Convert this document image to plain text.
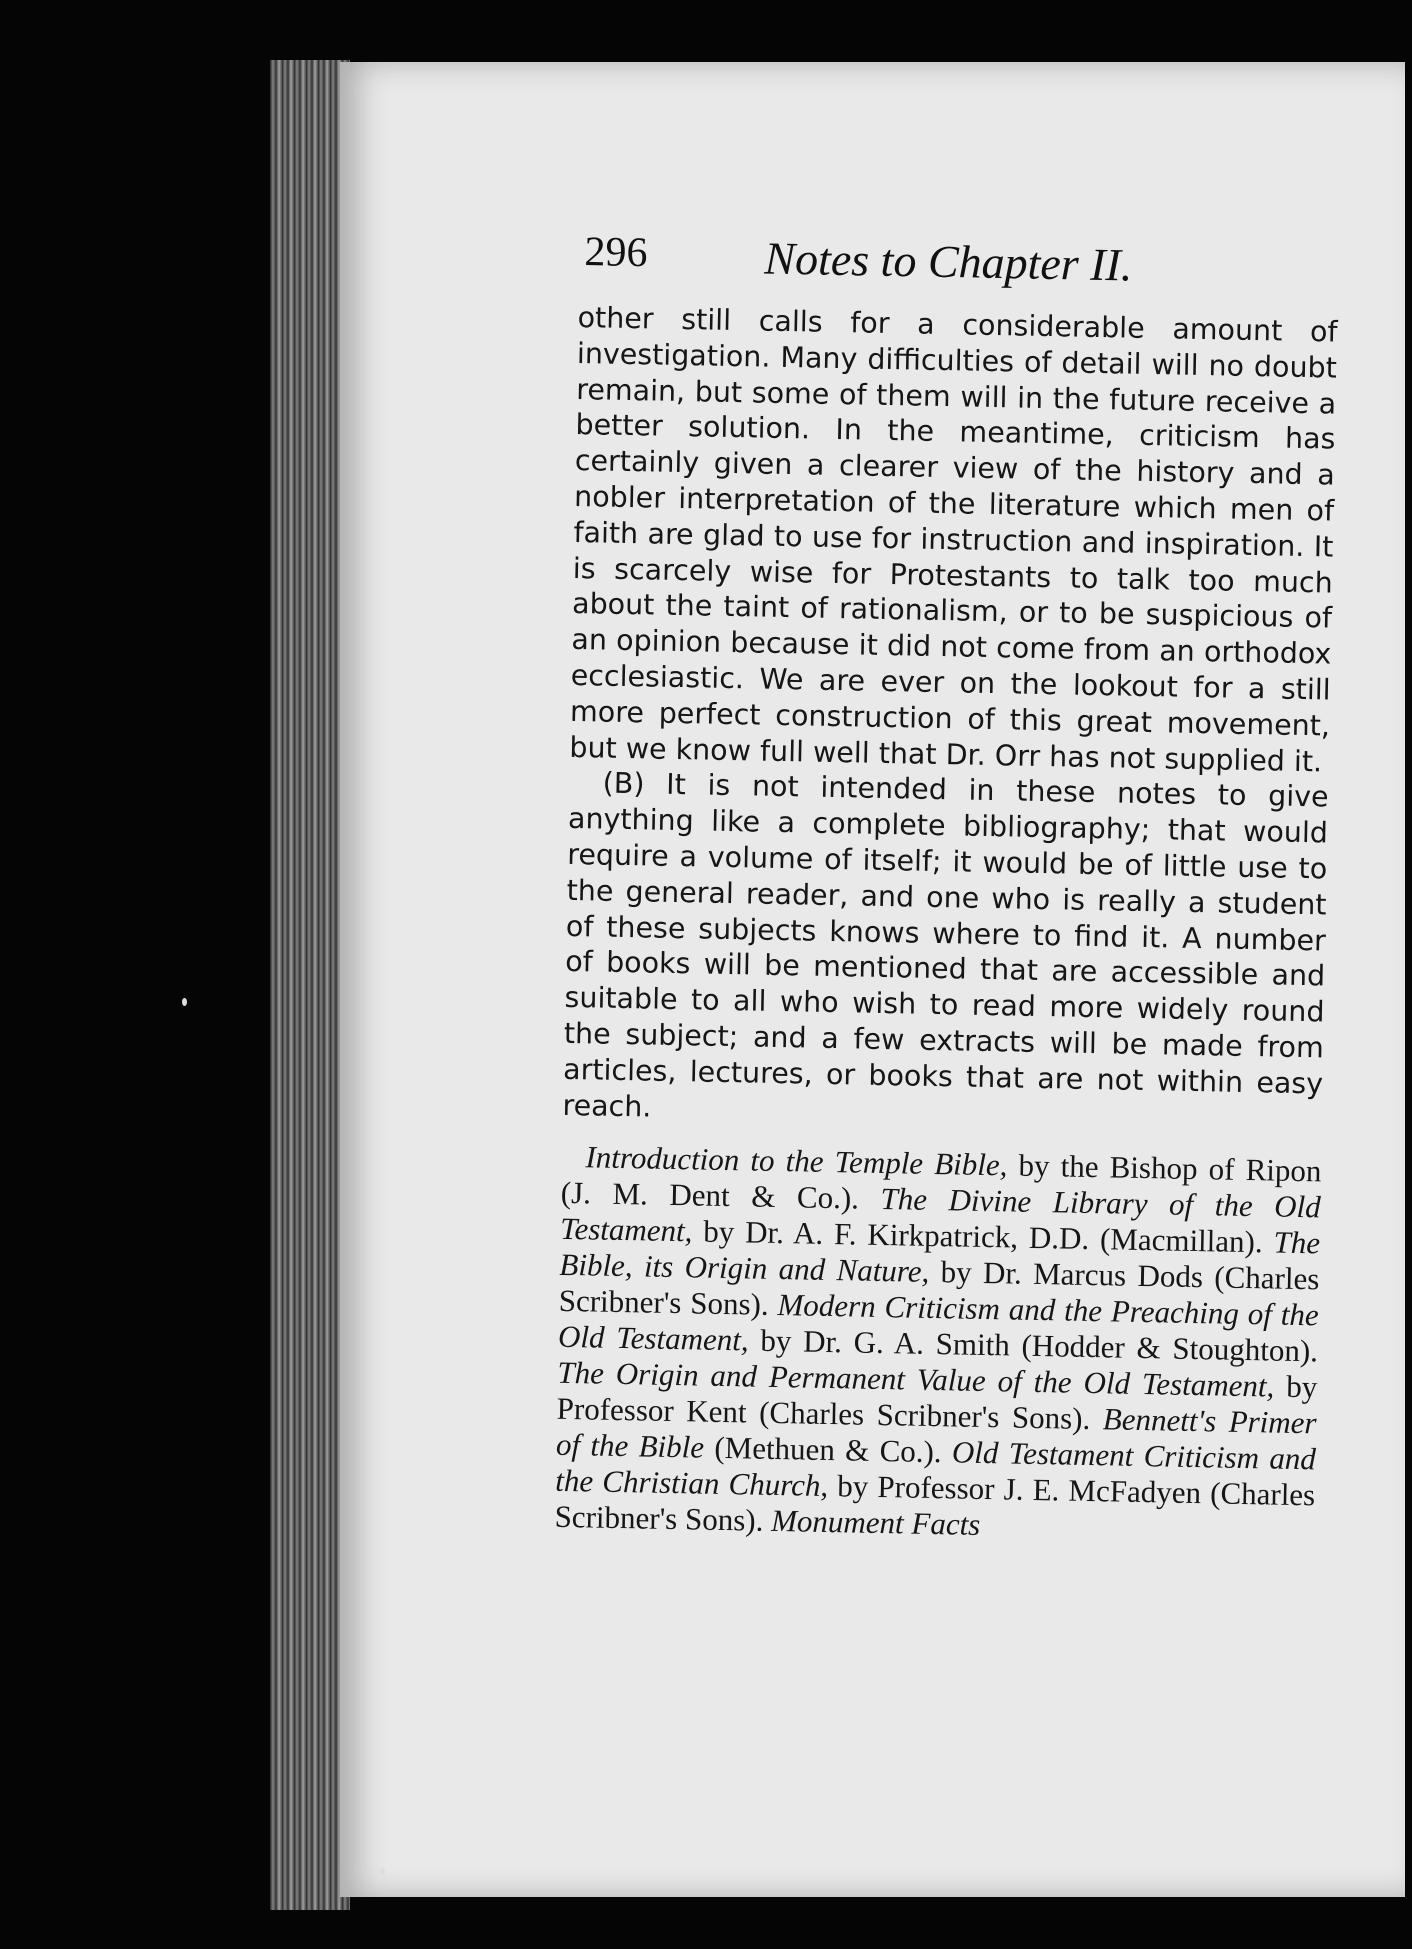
296	Notes to Chapter II.

other still calls for a considerable amount of investigation. Many difficulties of detail will no doubt remain, but some of them will in the future receive a better solution. In the meantime, criticism has certainly given a clearer view of the history and a nobler interpretation of the literature which men of faith are glad to use for instruction and inspiration. It is scarcely wise for Protestants to talk too much about the taint of rationalism, or to be suspicious of an opinion because it did not come from an orthodox ecclesiastic. We are ever on the lookout for a still more perfect construction of this great movement, but we know full well that Dr. Orr has not supplied it.

(B) It is not intended in these notes to give anything like a complete bibliography; that would require a volume of itself; it would be of little use to the general reader, and one who is really a student of these subjects knows where to find it. A number of books will be mentioned that are accessible and suitable to all who wish to read more widely round the subject; and a few extracts will be made from articles, lectures, or books that are not within easy reach.

Introduction to the Temple Bible, by the Bishop of Ripon (J. M. Dent & Co.). The Divine Library of the Old Testament, by Dr. A. F. Kirkpatrick, D.D. (Macmillan). The Bible, its Origin and Nature, by Dr. Marcus Dods (Charles Scribner's Sons). Modern Criticism and the Preaching of the Old Testament, by Dr. G. A. Smith (Hodder & Stoughton). The Origin and Permanent Value of the Old Testament, by Professor Kent (Charles Scribner's Sons). Bennett's Primer of the Bible (Methuen & Co.). Old Testament Criticism and the Christian Church, by Professor J. E. McFadyen (Charles Scribner's Sons). Monument Facts
